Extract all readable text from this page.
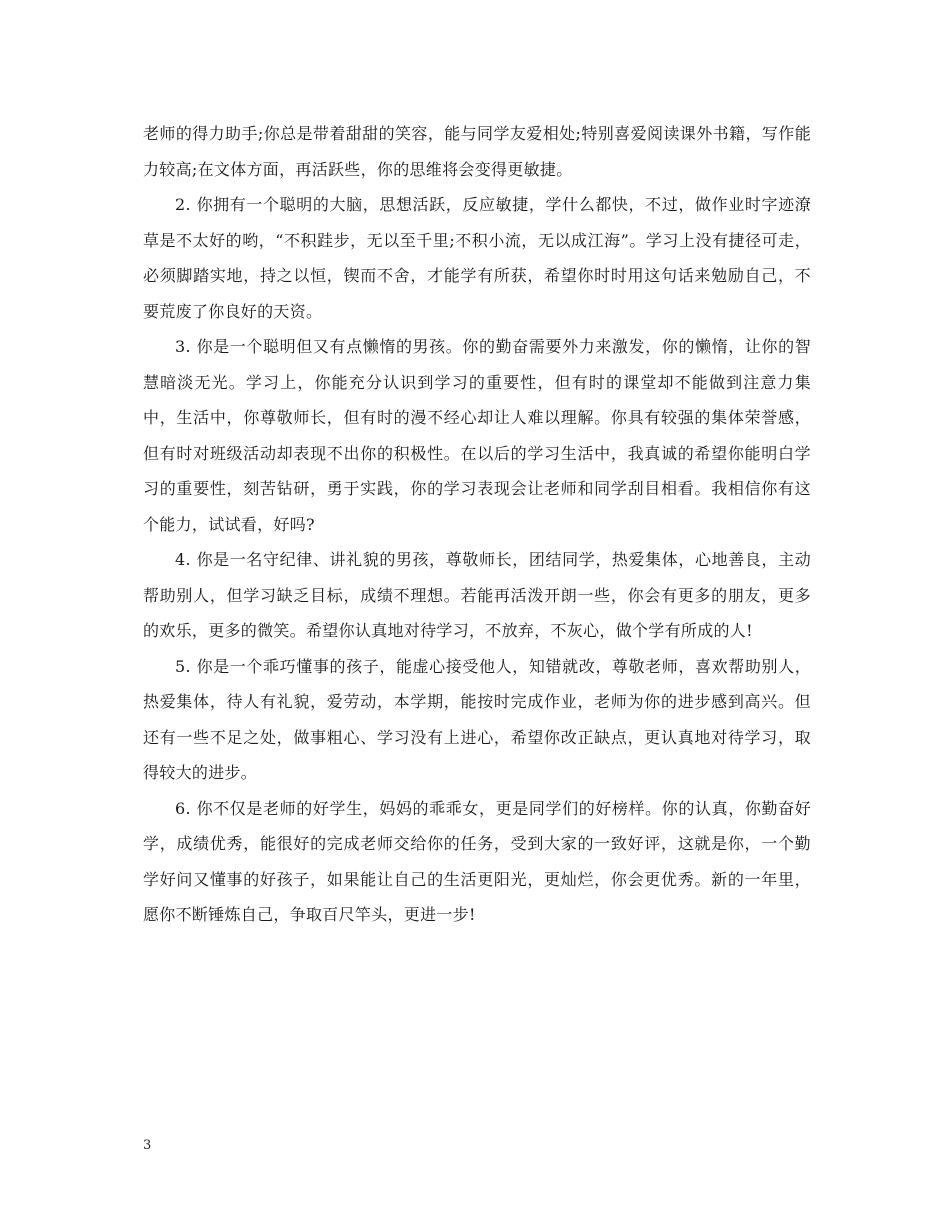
老师的得力助手;你总是带着甜甜的笑容，能与同学友爱相处;特别喜爱阅读课外书籍，写作能力较高;在文体方面，再活跃些，你的思维将会变得更敏捷。

2. 你拥有一个聪明的大脑，思想活跃，反应敏捷，学什么都快，不过，做作业时字迹潦草是不太好的哟，“不积跬步，无以至千里;不积小流，无以成江海”。学习上没有捷径可走，必须脚踏实地，持之以恒，锲而不舍，才能学有所获，希望你时时用这句话来勉励自己，不要荒废了你良好的天资。

3. 你是一个聪明但又有点懒惰的男孩。你的勤奋需要外力来激发，你的懒惰，让你的智慧暗淡无光。学习上，你能充分认识到学习的重要性，但有时的课堂却不能做到注意力集中，生活中，你尊敬师长，但有时的漫不经心却让人难以理解。你具有较强的集体荣誉感，但有时对班级活动却表现不出你的积极性。在以后的学习生活中，我真诚的希望你能明白学习的重要性，刻苦钻研，勇于实践，你的学习表现会让老师和同学刮目相看。我相信你有这个能力，试试看，好吗?

4. 你是一名守纪律、讲礼貌的男孩，尊敬师长，团结同学，热爱集体，心地善良，主动帮助别人，但学习缺乏目标，成绩不理想。若能再活泼开朗一些，你会有更多的朋友，更多的欢乐，更多的微笑。希望你认真地对待学习，不放弃，不灰心，做个学有所成的人!

5. 你是一个乖巧懂事的孩子，能虚心接受他人，知错就改，尊敬老师，喜欢帮助别人，热爱集体，待人有礼貌，爱劳动，本学期，能按时完成作业，老师为你的进步感到高兴。但还有一些不足之处，做事粗心、学习没有上进心，希望你改正缺点，更认真地对待学习，取得较大的进步。

6. 你不仅是老师的好学生，妈妈的乖乖女，更是同学们的好榜样。你的认真，你勤奋好学，成绩优秀，能很好的完成老师交给你的任务，受到大家的一致好评，这就是你，一个勤学好问又懂事的好孩子，如果能让自己的生活更阳光，更灿烂，你会更优秀。新的一年里，愿你不断锤炼自己，争取百尺竿头，更进一步!

3
